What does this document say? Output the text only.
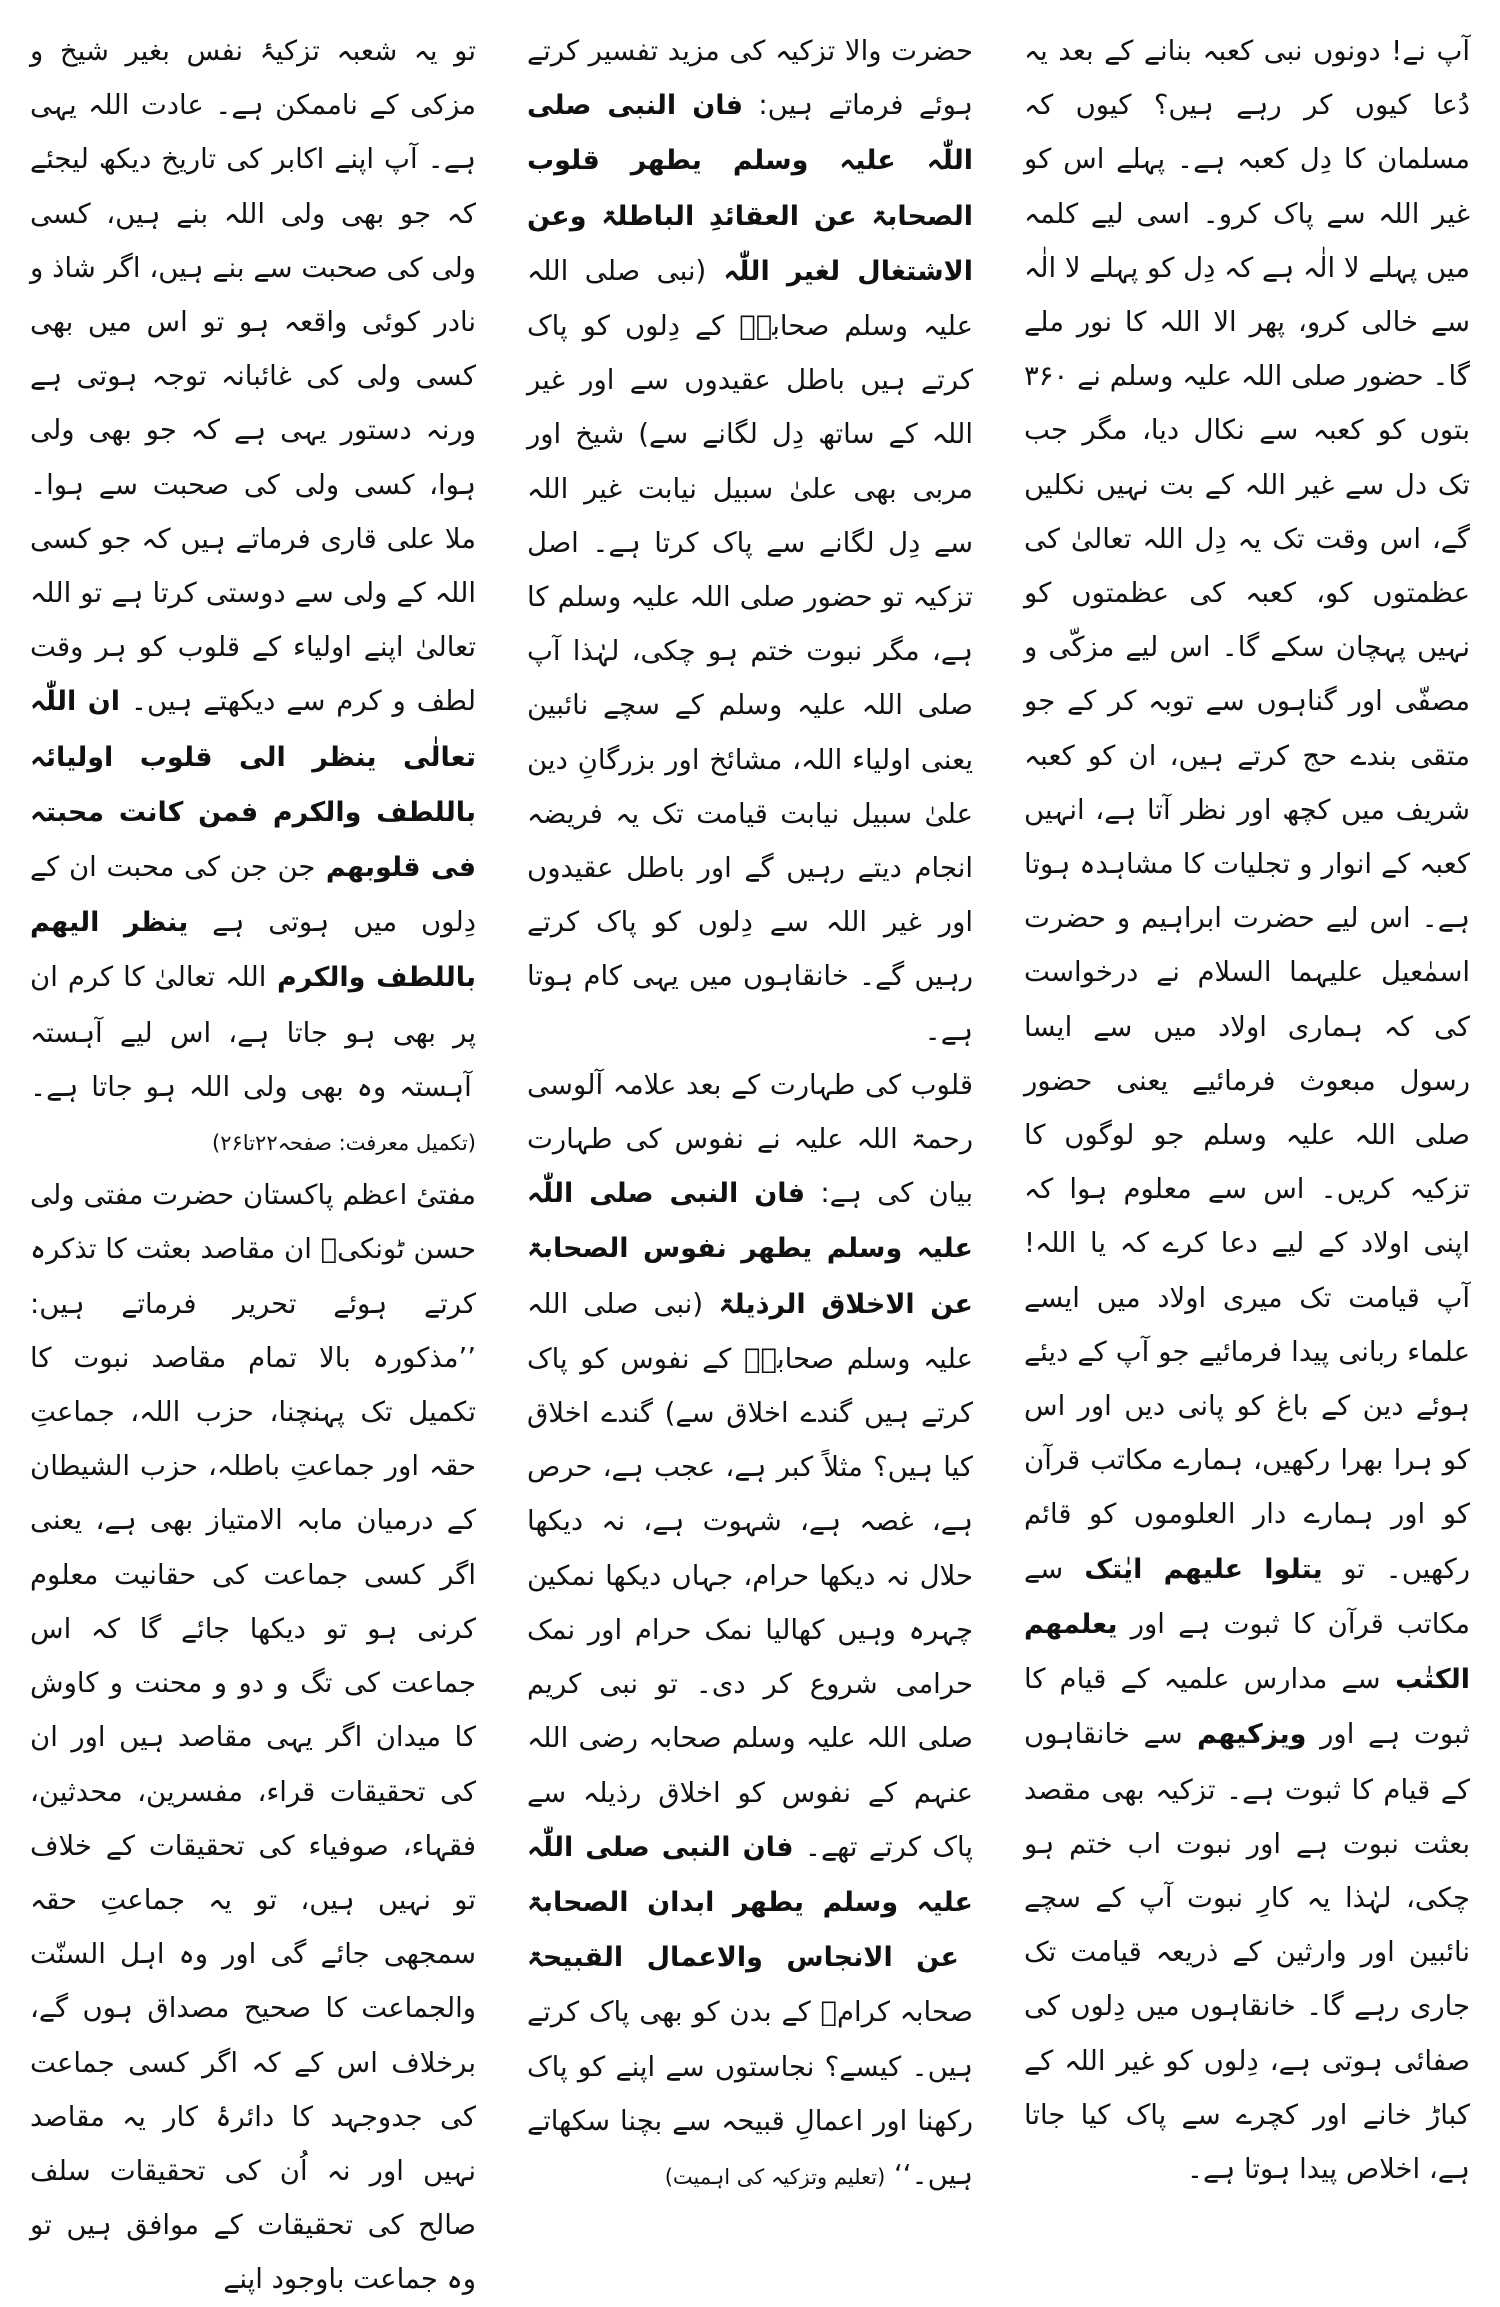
آپ نے! دونوں نبی کعبہ بنانے کے بعد یہ دُعا کیوں کر رہے ہیں؟ کیوں کہ مسلمان کا دِل کعبہ ہے۔ پہلے اس کو غیر اللہ سے پاک کرو۔ اسی لیے کلمہ میں پہلے لا الٰہ ہے کہ دِل کو پہلے لا الٰہ سے خالی کرو، پھر الا اللہ کا نور ملے گا۔ حضور صلی اللہ علیہ وسلم نے ۳۶۰ بتوں کو کعبہ سے نکال دیا، مگر جب تک دل سے غیر اللہ کے بت نہیں نکلیں گے، اس وقت تک یہ دِل اللہ تعالیٰ کی عظمتوں کو، کعبہ کی عظمتوں کو نہیں پہچان سکے گا۔ اس لیے مزکّی و مصفّی اور گناہوں سے توبہ کر کے جو متقی بندے حج کرتے ہیں، ان کو کعبہ شریف میں کچھ اور نظر آتا ہے، انہیں کعبہ کے انوار و تجلیات کا مشاہدہ ہوتا ہے۔ اس لیے حضرت ابراہیم و حضرت اسمٰعیل علیہما السلام نے درخواست کی کہ ہماری اولاد میں سے ایسا رسول مبعوث فرمائیے یعنی حضور صلی اللہ علیہ وسلم جو لوگوں کا تزکیہ کریں۔ اس سے معلوم ہوا کہ اپنی اولاد کے لیے دعا کرے کہ یا اللہ! آپ قیامت تک میری اولاد میں ایسے علماء ربانی پیدا فرمائیے جو آپ کے دیئے ہوئے دین کے باغ کو پانی دیں اور اس کو ہرا بھرا رکھیں، ہمارے مکاتب قرآن کو اور ہمارے دار العلوموں کو قائم رکھیں۔ تو یتلوا علیھم ایٰتک سے مکاتب قرآن کا ثبوت ہے اور یعلمھم الکتٰب سے مدارس علمیہ کے قیام کا ثبوت ہے اور ویزکیھم سے خانقاہوں کے قیام کا ثبوت ہے۔ تزکیہ بھی مقصد بعثت نبوت ہے اور نبوت اب ختم ہو چکی، لہٰذا یہ کارِ نبوت آپ کے سچے نائبین اور وارثین کے ذریعہ قیامت تک جاری رہے گا۔ خانقاہوں میں دِلوں کی صفائی ہوتی ہے، دِلوں کو غیر اللہ کے کباڑ خانے اور کچرے سے پاک کیا جاتا ہے، اخلاص پیدا ہوتا ہے۔
حضرت والا تزکیہ کی مزید تفسیر کرتے ہوئے فرماتے ہیں: فان النبی صلی اللّٰہ علیہ وسلم یطھر قلوب الصحابۃ عن العقائدِ الباطلۃ وعن الاشتغال لغیر اللّٰہ (نبی صلی اللہ علیہ وسلم صحابہؓ کے دِلوں کو پاک کرتے ہیں باطل عقیدوں سے اور غیر اللہ کے ساتھ دِل لگانے سے) شیخ اور مربی بھی علیٰ سبیل نیابت غیر اللہ سے دِل لگانے سے پاک کرتا ہے۔ اصل تزکیہ تو حضور صلی اللہ علیہ وسلم کا ہے، مگر نبوت ختم ہو چکی، لہٰذا آپ صلی اللہ علیہ وسلم کے سچے نائبین یعنی اولیاء اللہ، مشائخ اور بزرگانِ دین علیٰ سبیل نیابت قیامت تک یہ فریضہ انجام دیتے رہیں گے اور باطل عقیدوں اور غیر اللہ سے دِلوں کو پاک کرتے رہیں گے۔ خانقاہوں میں یہی کام ہوتا ہے۔
قلوب کی طہارت کے بعد علامہ آلوسی رحمۃ اللہ علیہ نے نفوس کی طہارت بیان کی ہے: فان النبی صلی اللّٰہ علیہ وسلم یطھر نفوس الصحابۃ عن الاخلاق الرذیلۃ (نبی صلی اللہ علیہ وسلم صحابہؓ کے نفوس کو پاک کرتے ہیں گندے اخلاق سے) گندے اخلاق کیا ہیں؟ مثلاً کبر ہے، عجب ہے، حرص ہے، غصہ ہے، شہوت ہے، نہ دیکھا حلال نہ دیکھا حرام، جہاں دیکھا نمکین چہرہ وہیں کھالیا نمک حرام اور نمک حرامی شروع کر دی۔ تو نبی کریم صلی اللہ علیہ وسلم صحابہ رضی اللہ عنہم کے نفوس کو اخلاق رذیلہ سے پاک کرتے تھے۔ فان النبی صلی اللّٰہ علیہ وسلم یطھر ابدان الصحابۃ عن الانجاس والاعمال القبیحۃ صحابہ کرامؓ کے بدن کو بھی پاک کرتے ہیں۔ کیسے؟ نجاستوں سے اپنے کو پاک رکھنا اور اعمالِ قبیحہ سے بچنا سکھاتے ہیں۔‘‘ (تعلیم وتزکیہ کی اہمیت)
تو یہ شعبہ تزکیۂ نفس بغیر شیخ و مزکی کے ناممکن ہے۔ عادت اللہ یہی ہے۔ آپ اپنے اکابر کی تاریخ دیکھ لیجئے کہ جو بھی ولی اللہ بنے ہیں، کسی ولی کی صحبت سے بنے ہیں، اگر شاذ و نادر کوئی واقعہ ہو تو اس میں بھی کسی ولی کی غائبانہ توجہ ہوتی ہے ورنہ دستور یہی ہے کہ جو بھی ولی ہوا، کسی ولی کی صحبت سے ہوا۔ ملا علی قاری فرماتے ہیں کہ جو کسی اللہ کے ولی سے دوستی کرتا ہے تو اللہ تعالیٰ اپنے اولیاء کے قلوب کو ہر وقت لطف و کرم سے دیکھتے ہیں۔ ان اللّٰہ تعالٰی ینظر الی قلوب اولیائہ باللطف والکرم فمن کانت محبتہ فی قلوبھم جن جن کی محبت ان کے دِلوں میں ہوتی ہے ینظر الیھم باللطف والکرم اللہ تعالیٰ کا کرم ان پر بھی ہو جاتا ہے، اس لیے آہستہ آہستہ وہ بھی ولی اللہ ہو جاتا ہے۔ (تکمیل معرفت: صفحہ۲۲تا۲۶)
مفتیٔ اعظم پاکستان حضرت مفتی ولی حسن ٹونکیؒ ان مقاصد بعثت کا تذکرہ کرتے ہوئے تحریر فرماتے ہیں: ’’مذکورہ بالا تمام مقاصد نبوت کا تکمیل تک پہنچنا، حزب اللہ، جماعتِ حقہ اور جماعتِ باطلہ، حزب الشیطان کے درمیان مابہ الامتیاز بھی ہے، یعنی اگر کسی جماعت کی حقانیت معلوم کرنی ہو تو دیکھا جائے گا کہ اس جماعت کی تگ و دو و محنت و کاوش کا میدان اگر یہی مقاصد ہیں اور ان کی تحقیقات قراء، مفسرین، محدثین، فقہاء، صوفیاء کی تحقیقات کے خلاف تو نہیں ہیں، تو یہ جماعتِ حقہ سمجھی جائے گی اور وہ اہل السنّت والجماعت کا صحیح مصداق ہوں گے، برخلاف اس کے کہ اگر کسی جماعت کی جدوجہد کا دائرۂ کار یہ مقاصد نہیں اور نہ اُن کی تحقیقات سلف صالح کی تحقیقات کے موافق ہیں تو وہ جماعت باوجود اپنے
